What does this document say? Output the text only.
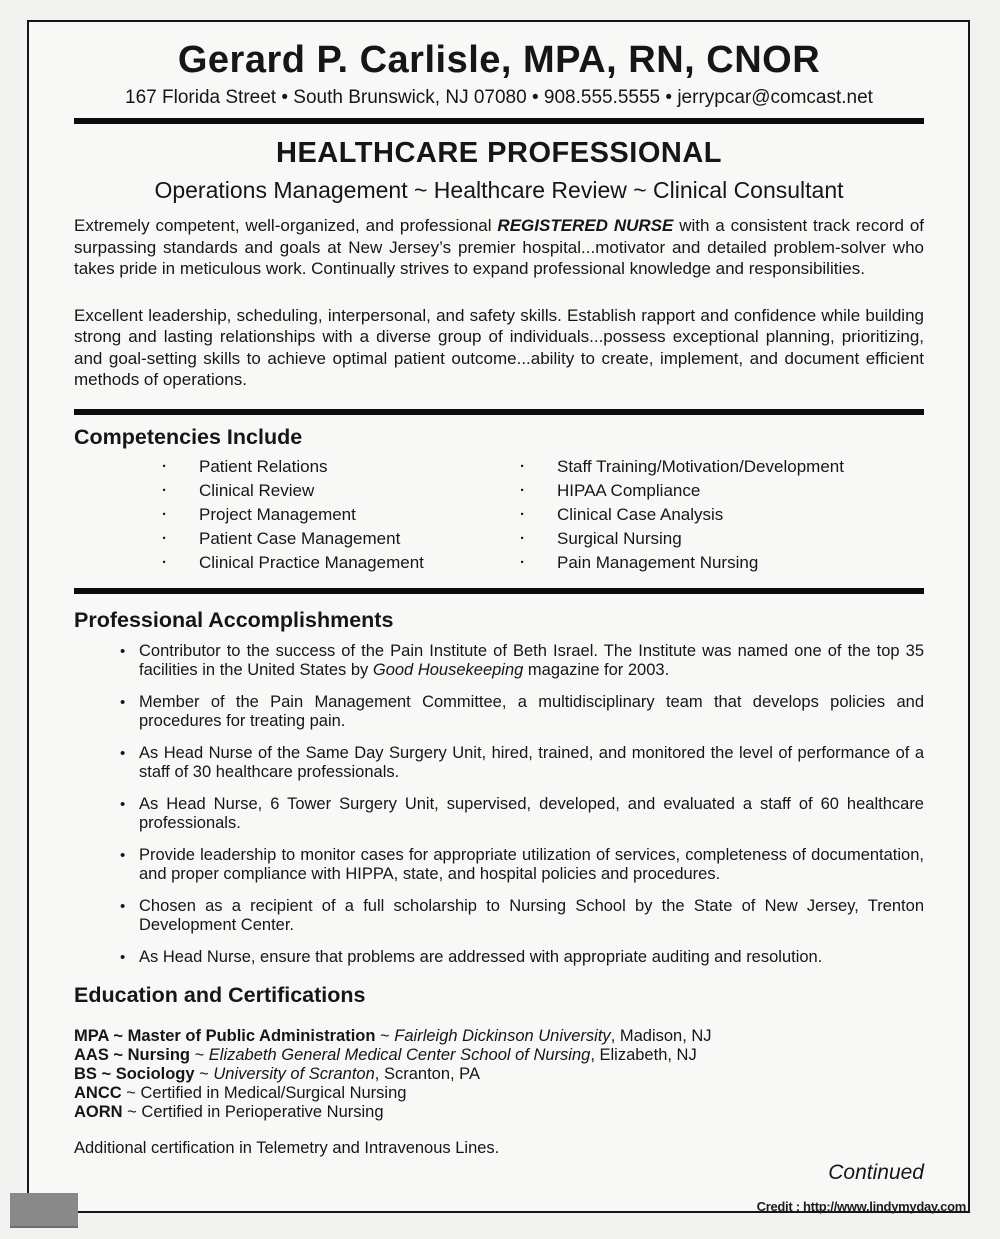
Gerard P. Carlisle, MPA, RN, CNOR
167 Florida Street • South Brunswick, NJ 07080 • 908.555.5555 • jerrypcar@comcast.net
HEALTHCARE PROFESSIONAL
Operations Management ~ Healthcare Review ~ Clinical Consultant

Extremely competent, well-organized, and professional REGISTERED NURSE with a consistent track record of surpassing standards and goals at New Jersey’s premier hospital...motivator and detailed problem-solver who takes pride in meticulous work. Continually strives to expand professional knowledge and responsibilities.

Excellent leadership, scheduling, interpersonal, and safety skills. Establish rapport and confidence while building strong and lasting relationships with a diverse group of individuals...possess exceptional planning, prioritizing, and goal-setting skills to achieve optimal patient outcome...ability to create, implement, and document efficient methods of operations.

Competencies Include
·	Patient Relations
·	Clinical Review
·	Project Management
·	Patient Case Management
·	Clinical Practice Management
·	Staff Training/Motivation/Development
·	HIPAA Compliance
·	Clinical Case Analysis
·	Surgical Nursing
·	Pain Management Nursing
Professional Accomplishments
• Contributor to the success of the Pain Institute of Beth Israel. The Institute was named one of the top 35 facilities in the United States by Good Housekeeping magazine for 2003.
• Member of the Pain Management Committee, a multidisciplinary team that develops policies and procedures for treating pain.
• As Head Nurse of the Same Day Surgery Unit, hired, trained, and monitored the level of performance of a staff of 30 healthcare professionals.
• As Head Nurse, 6 Tower Surgery Unit, supervised, developed, and evaluated a staff of 60 healthcare professionals.
• Provide leadership to monitor cases for appropriate utilization of services, completeness of documentation, and proper compliance with HIPPA, state, and hospital policies and procedures.
• Chosen as a recipient of a full scholarship to Nursing School by the State of New Jersey, Trenton Development Center.
• As Head Nurse, ensure that problems are addressed with appropriate auditing and resolution.
Education and Certifications
MPA ~ Master of Public Administration ~ Fairleigh Dickinson University, Madison, NJ
AAS ~ Nursing ~ Elizabeth General Medical Center School of Nursing, Elizabeth, NJ
BS ~ Sociology ~ University of Scranton, Scranton, PA
ANCC ~ Certified in Medical/Surgical Nursing
AORN ~ Certified in Perioperative Nursing

Additional certification in Telemetry and Intravenous Lines.

Continued
Credit : http://www.lindymyday.com
